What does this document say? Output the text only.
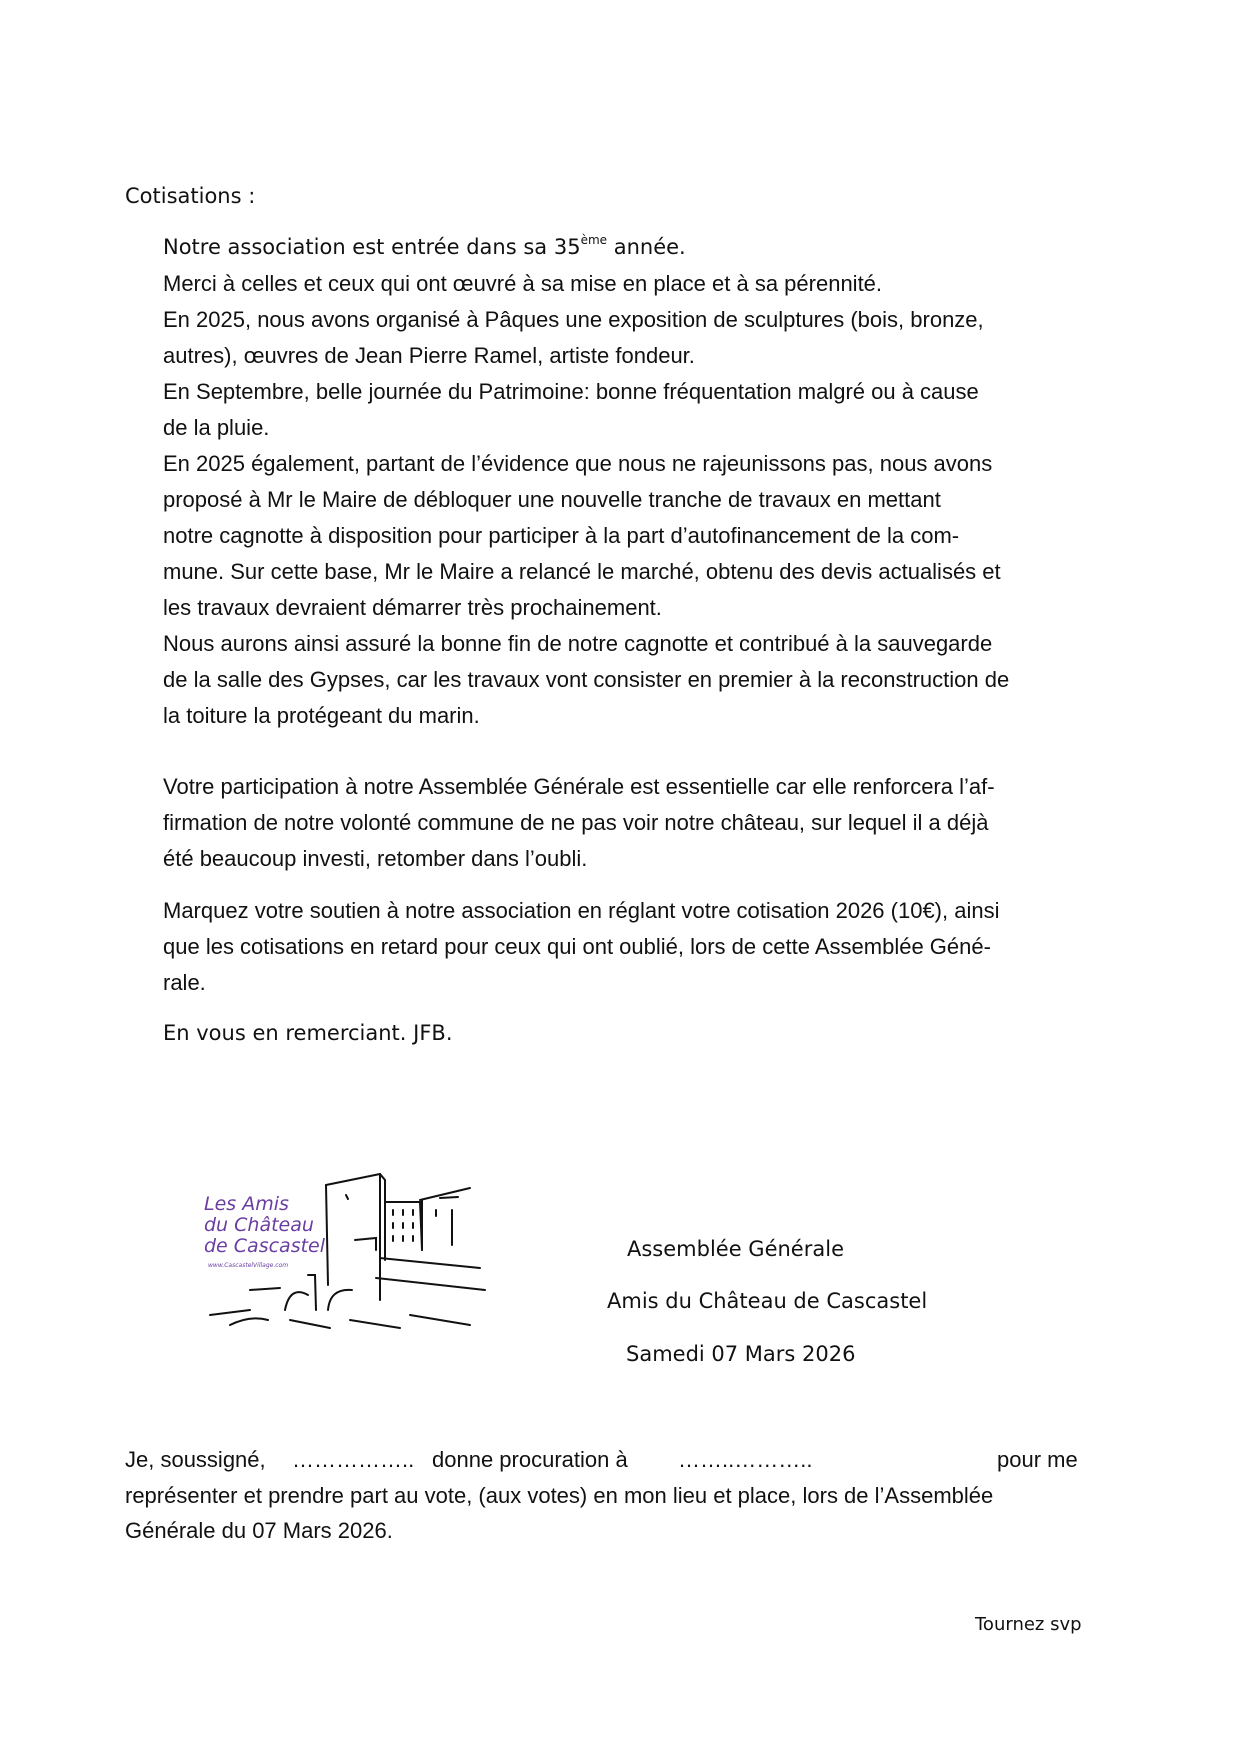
Cotisations :
Notre association est entrée dans sa 35ème année.
Merci à celles et ceux qui ont œuvré à sa mise en place et à sa pérennité.
En 2025, nous avons organisé à Pâques une exposition de sculptures (bois, bronze,
autres), œuvres de Jean Pierre Ramel, artiste fondeur.
En Septembre, belle journée du Patrimoine: bonne fréquentation malgré ou à cause
de la pluie.
En 2025 également, partant de l’évidence que nous ne rajeunissons pas, nous avons
proposé à Mr le Maire de débloquer une nouvelle tranche de travaux en mettant
notre cagnotte à disposition pour participer à la part d’autofinancement de la com-
mune. Sur cette base, Mr le Maire a relancé le marché, obtenu des devis actualisés et
les travaux devraient démarrer très prochainement.
Nous aurons ainsi assuré la bonne fin de notre cagnotte et contribué à la sauvegarde
de la salle des Gypses, car les travaux vont consister en premier à la reconstruction de
la toiture la protégeant du marin.
Votre participation à notre Assemblée Générale est essentielle car elle renforcera l’af-
firmation de notre volonté commune de ne pas voir notre château, sur lequel il a déjà
été beaucoup investi, retomber dans l’oubli.
Marquez votre soutien à notre association en réglant votre cotisation 2026 (10€), ainsi
que les cotisations en retard pour ceux qui ont oublié, lors de cette Assemblée Géné-
rale.
En vous en remerciant. JFB.
Les Amis
du Château
de Cascastel
www.CascastelVillage.com
Assemblée Générale
Amis du Château de Cascastel
Samedi 07 Mars 2026
Je, soussigné, …………….. donne procuration à ……..………..	pour me
représenter et prendre part au vote, (aux votes) en mon lieu et place, lors de l’Assemblée
Générale du 07 Mars 2026.
Tournez svp
